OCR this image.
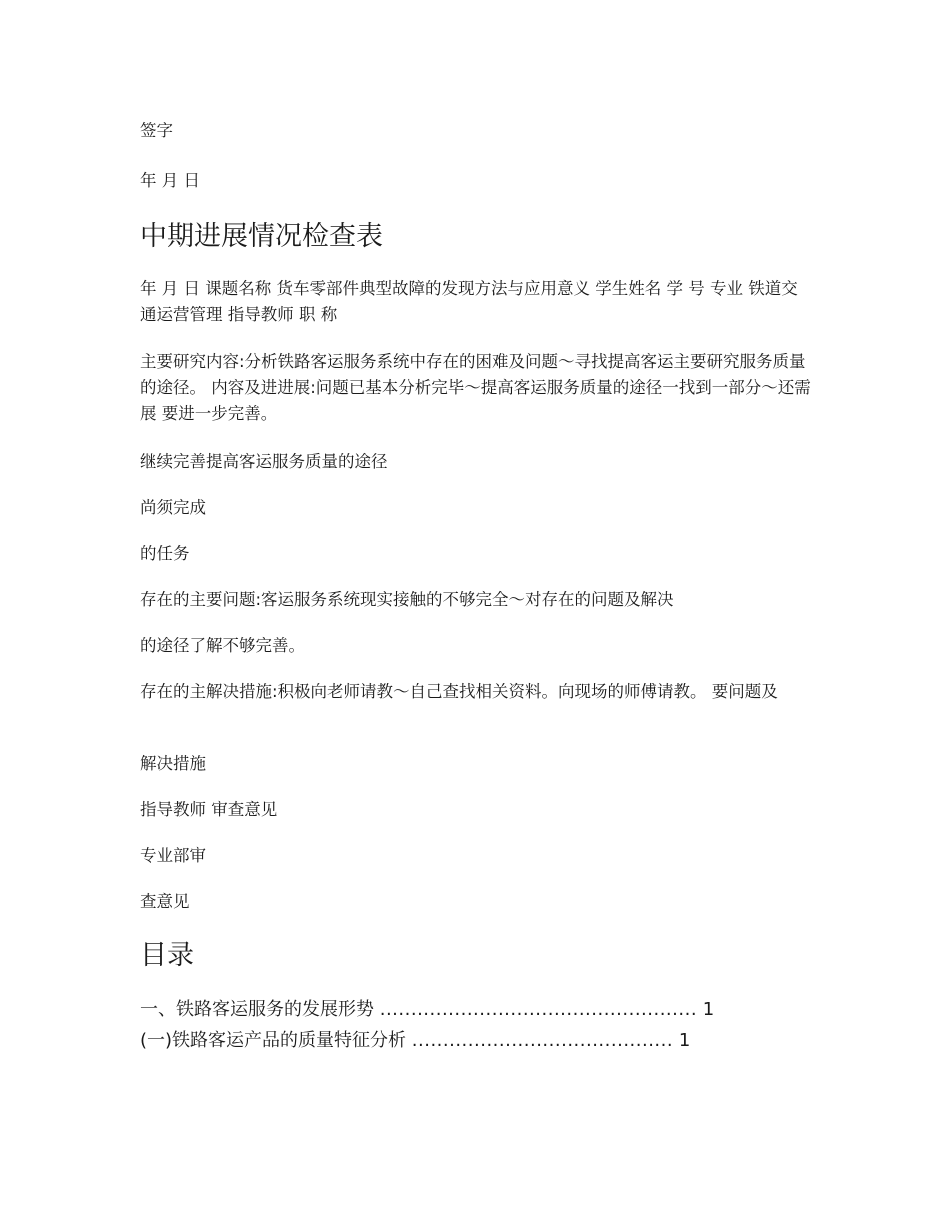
签字

年 月 日

中期进展情况检查表

年 月 日 课题名称 货车零部件典型故障的发现方法与应用意义 学生姓名 学 号 专业 铁道交通运营管理 指导教师 职 称

主要研究内容:分析铁路客运服务系统中存在的困难及问题～寻找提高客运主要研究服务质量的途径。 内容及进进展:问题已基本分析完毕～提高客运服务质量的途径一找到一部分～还需展 要进一步完善。

继续完善提高客运服务质量的途径

尚须完成

的任务

存在的主要问题:客运服务系统现实接触的不够完全～对存在的问题及解决

的途径了解不够完善。

存在的主解决措施:积极向老师请教～自己查找相关资料。向现场的师傅请教。 要问题及

解决措施

指导教师 审查意见

专业部审

查意见

目录
一、铁路客运服务的发展形势 ................................................... 1
(一)铁路客运产品的质量特征分析 .......................................... 1
